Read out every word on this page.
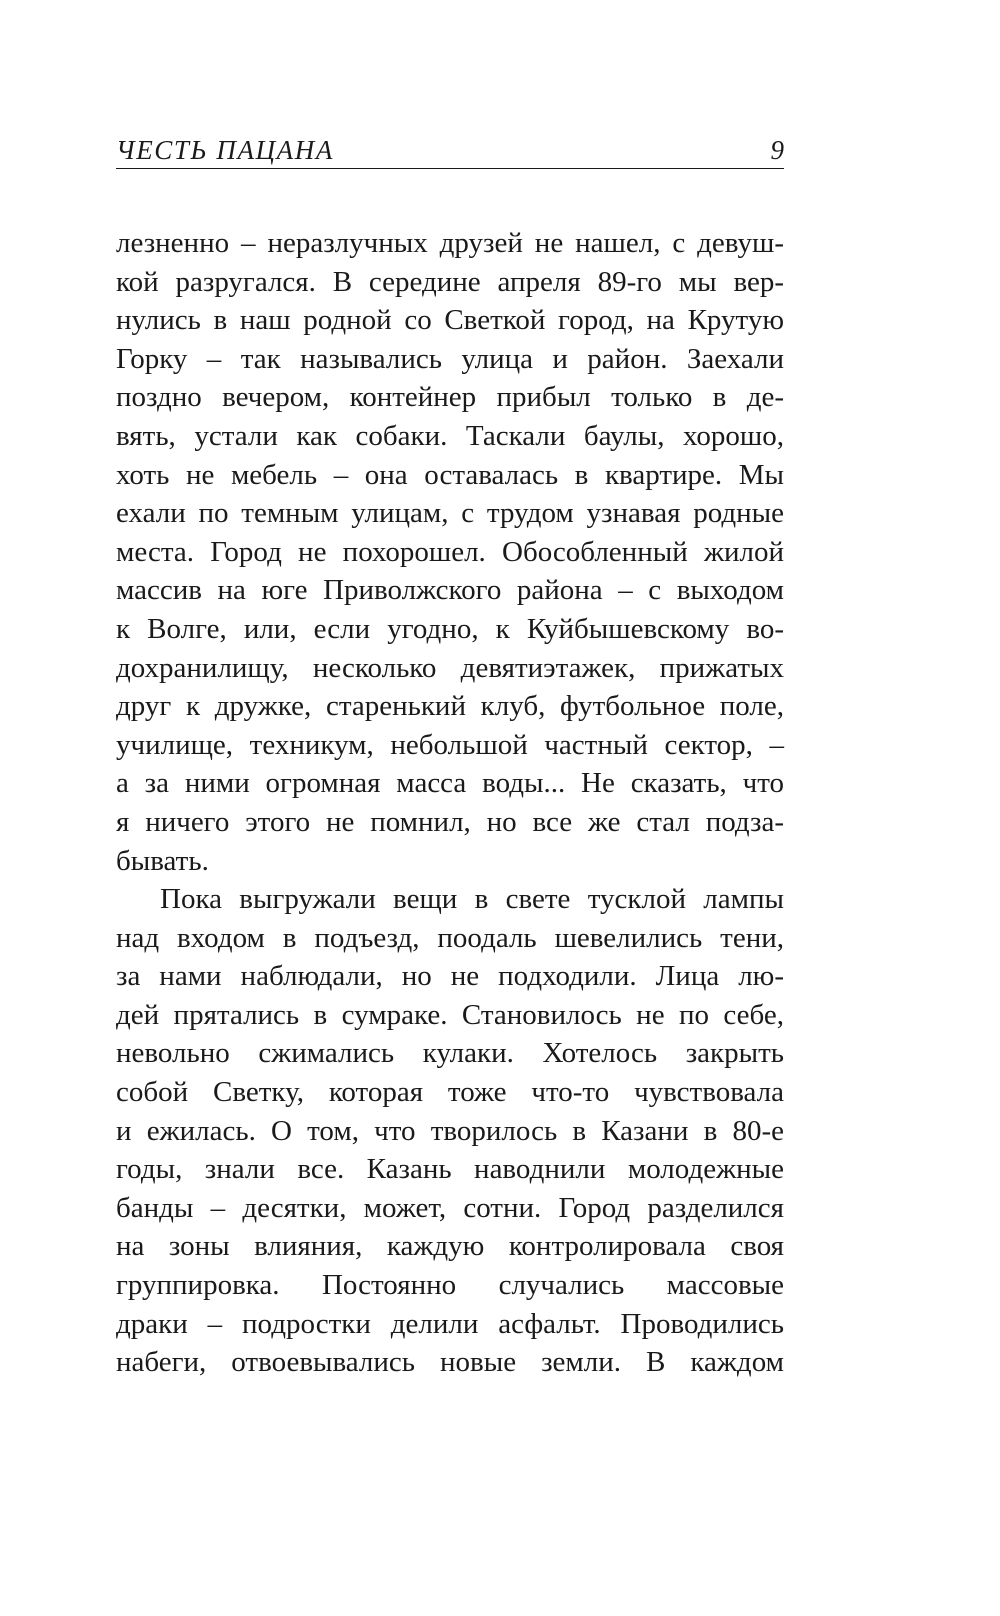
ЧЕСТЬ ПАЦАНА	9
лезненно – неразлучных друзей не нашел, с девуш-
кой разругался. В середине апреля 89-го мы вер-
нулись в наш родной со Светкой город, на Крутую
Горку – так назывались улица и район. Заехали
поздно вечером, контейнер прибыл только в де-
вять, устали как собаки. Таскали баулы, хорошо,
хоть не мебель – она оставалась в квартире. Мы
ехали по темным улицам, с трудом узнавая родные
места. Город не похорошел. Обособленный жилой
массив на юге Приволжского района – с выходом
к Волге, или, если угодно, к Куйбышевскому во-
дохранилищу, несколько девятиэтажек, прижатых
друг к дружке, старенький клуб, футбольное поле,
училище, техникум, небольшой частный сектор, –
а за ними огромная масса воды... Не сказать, что
я ничего этого не помнил, но все же стал подза-
бывать.
Пока выгружали вещи в свете тусклой лампы
над входом в подъезд, поодаль шевелились тени,
за нами наблюдали, но не подходили. Лица лю-
дей прятались в сумраке. Становилось не по себе,
невольно сжимались кулаки. Хотелось закрыть
собой Светку, которая тоже что-то чувствовала
и ежилась. О том, что творилось в Казани в 80-е
годы, знали все. Казань наводнили молодежные
банды – десятки, может, сотни. Город разделился
на зоны влияния, каждую контролировала своя
группировка. Постоянно случались массовые
драки – подростки делили асфальт. Проводились
набеги, отвоевывались новые земли. В каждом
